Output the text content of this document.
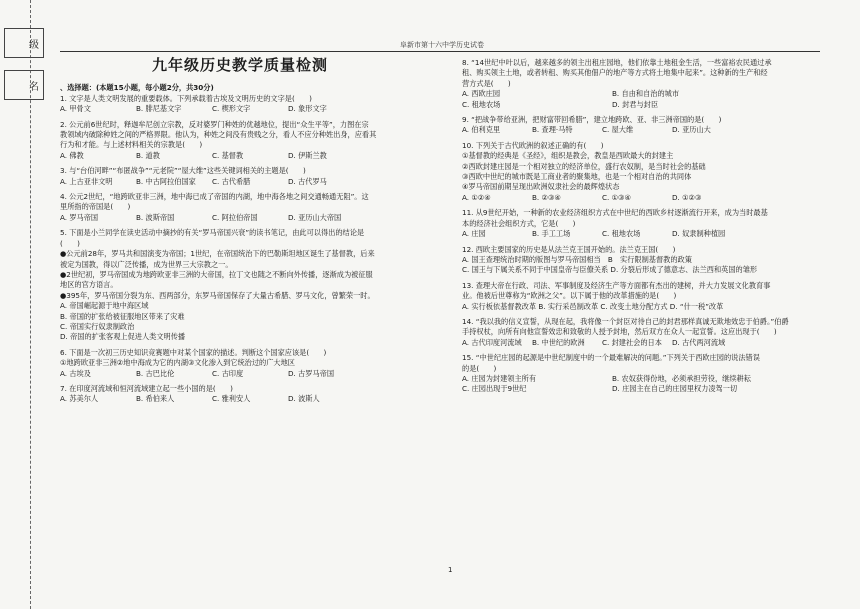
级
名
阜新市第十六中学历史试卷
九年级历史教学质量检测

、选择题：(本题15小题，每小题2分，共30分)

1. 文字是人类文明发展的重要载体。下列承载着古埃及文明历史的文字是(　　)

A. 甲骨文	B. 腓尼基文字	C. 楔形文字	D. 象形文字

2. 公元前6世纪时，释迦牟尼创立宗教，反对婆罗门种姓的优越地位，提出“众生平等”，力图在宗

教领域内破除种姓之间的严格界限。他认为，种姓之间没有贵贱之分，看人不应分种姓出身，应看其

行为和才能。与上述材料相关的宗教是(　　)

A. 佛教	B. 道教	C. 基督教	D. 伊斯兰教

3. 与“台伯河畔”“布匿战争”“元老院”“屋大维”这些关键词相关的主题是(　　)

A. 上古亚非文明	B. 中古阿拉伯国家	C. 古代希腊	D. 古代罗马

4. 公元2世纪，“地跨欧亚非三洲，地中海已成了帝国的内湖，地中海各地之间交通畅通无阻”。这

里所指的帝国是(　　)

A. 罗马帝国	B. 波斯帝国	C. 阿拉伯帝国	D. 亚历山大帝国

5. 下面是小兰同学在读史活动中摘抄的有关“罗马帝国兴衰”的读书笔记，由此可以得出的结论是

(　　)

●公元前28年，罗马共和国演变为帝国；1世纪，在帝国统治下的巴勒斯坦地区诞生了基督教，后来

被定为国教，得以广泛传播，成为世界三大宗教之一。

●2世纪初，罗马帝国成为地跨欧亚非三洲的大帝国，拉丁文也随之不断向外传播，逐渐成为被征服

地区的官方语言。

●395年，罗马帝国分裂为东、西两部分，东罗马帝国保存了大量古希腊、罗马文化，曾繁荣一时。

A. 帝国崛起源于地中海区域

B. 帝国的扩张给被征服地区带来了灾难

C. 帝国实行奴隶制政治

D. 帝国的扩张客观上促进人类文明传播

6. 下面是一次初三历史知识竞赛题中对某个国家的描述。判断这个国家应该是(　　)

①地跨欧亚非三洲②地中海成为它的内湖③文化渗入到它统治过的广大地区

A. 古埃及	B. 古巴比伦	C. 古印度	D. 古罗马帝国

7. 在印度河流域和恒河流域建立起一些小国的是(　　)

A. 苏美尔人	B. 希伯来人	C. 雅利安人	D. 波斯人

8. “14世纪中叶以后，越来越多的领主出租庄园地，他们依靠土地租金生活，一些富裕农民通过承

租、购买领主土地，或者转租、购买其他佃户的地产等方式将土地集中起来”。这种新的生产和经

营方式是(　　)

A. 西欧庄园	B. 自由和自治的城市
C. 租地农场	D. 封君与封臣

9. “把战争带给亚洲，把财富带回希腊”，建立地跨欧、亚、非三洲帝国的是(　　)

A. 伯利克里	B. 查理·马特	C. 屋大维	D. 亚历山大

10. 下列关于古代欧洲的叙述正确的有(　　)

①基督教的经典是《圣经》，组织是教会，教皇是西欧最大的封建主

②西欧封建庄园是一个相对独立的经济单位，盛行农奴制，是当时社会的基础

③西欧中世纪的城市既是工商业者的聚集地，也是一个相对自治的共同体

④罗马帝国前期呈现出欧洲奴隶社会的最辉煌状态

A. ①②④	B. ②③④	C. ①③④	D. ①②③

11. 从9世纪开始，一种新的农业经济组织方式在中世纪的西欧乡村逐渐流行开来，成为当时最基

本的经济社会组织方式，它是(　　)

A. 庄园	B. 手工工场	C. 租地农场	D. 奴隶制种植园

12. 西欧主要国家的历史是从法兰克王国开始的。法兰克王国(　　)

A. 国王查理统治时期的版图与罗马帝国相当　B　实行限制基督教的政策

C. 国王与下属关系不同于中国皇帝与臣僚关系 D. 分裂后形成了德意志、法兰西和英国的雏形

13. 查理大帝在行政、司法、军事制度及经济生产等方面都有杰出的建树，并大力发展文化教育事

业。他被后世尊称为“欧洲之父”。以下属于他的改革措施的是(　　)

A. 实行板依基督教改革 B. 实行采邑制改革 C. 改变土地分配方式 D. “什一税”改革

14. “我以我的信义宣誓，从现在起，我将像一个封臣对待自己的封君那样真诚无欺地效忠于伯爵。”伯爵

手持权杖，向所有向他宣誓效忠和致敬的人授予封地，然后双方在众人一起宣誓。这应出现于(　　)

A. 古代印度河流域	B. 中世纪的欧洲	C. 封建社会的日本	D. 古代两河流域

15. “中世纪庄园的起源是中世纪制度中的一个最难解决的问题。”下列关于西欧庄园的说法错误

的是(　　)

A. 庄园为封建领主所有	B. 农奴获得份地，必须承担劳役，继续耕耘
C. 庄园出现于9世纪	D. 庄园主在自己的庄园里权力凌驾一切
1
